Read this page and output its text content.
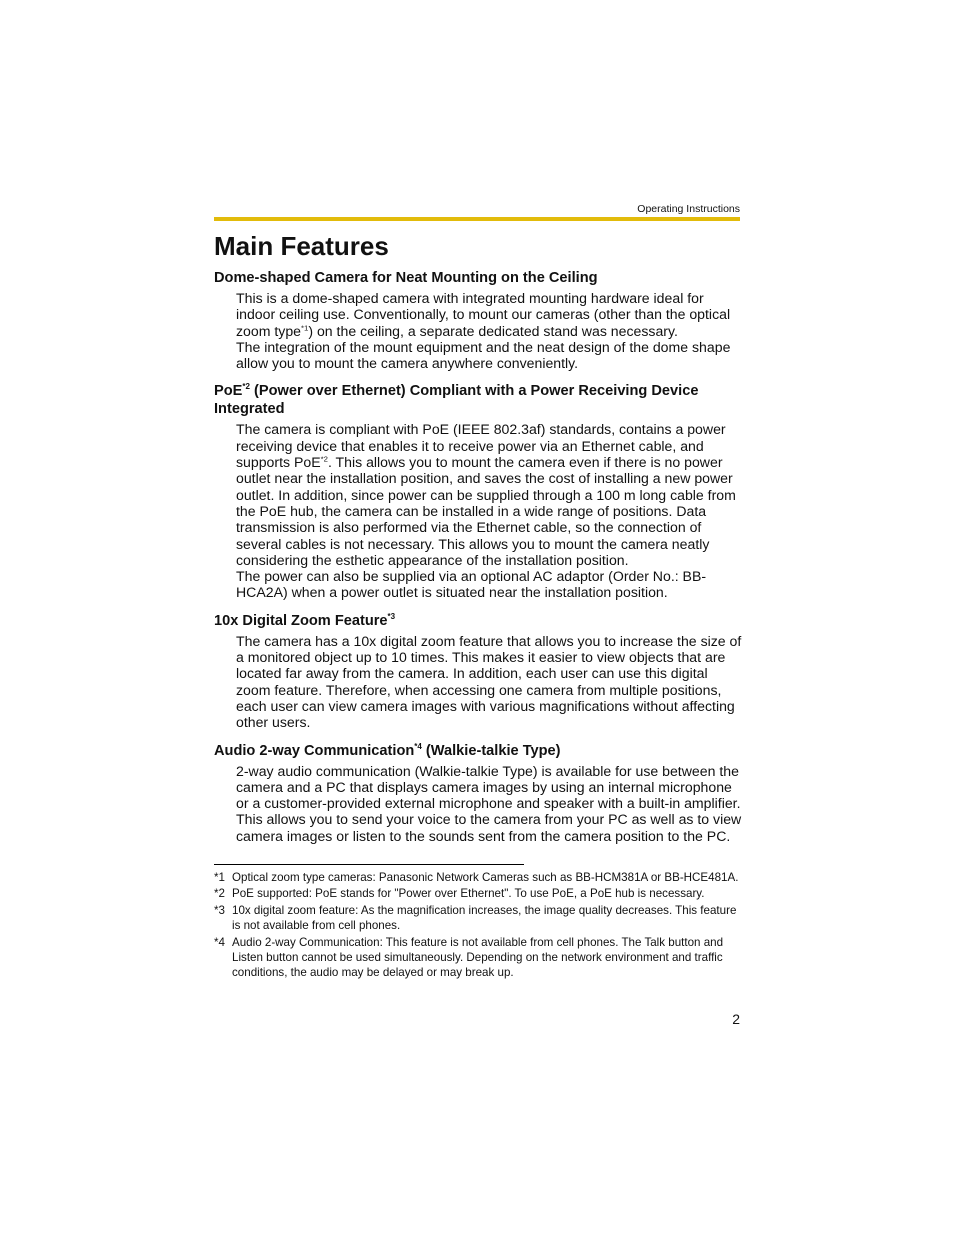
Operating Instructions
Main Features
Dome-shaped Camera for Neat Mounting on the Ceiling

This is a dome-shaped camera with integrated mounting hardware ideal for indoor ceiling use. Conventionally, to mount our cameras (other than the optical zoom type$^{*1}$) on the ceiling, a separate dedicated stand was necessary.

The integration of the mount equipment and the neat design of the dome shape allow you to mount the camera anywhere conveniently.

PoE$^{*2}$ (Power over Ethernet) Compliant with a Power Receiving Device Integrated

The camera is compliant with PoE (IEEE 802.3af) standards, contains a power receiving device that enables it to receive power via an Ethernet cable, and supports PoE$^{*2}$. This allows you to mount the camera even if there is no power outlet near the installation position, and saves the cost of installing a new power outlet. In addition, since power can be supplied through a 100 m long cable from the PoE hub, the camera can be installed in a wide range of positions. Data transmission is also performed via the Ethernet cable, so the connection of several cables is not necessary. This allows you to mount the camera neatly considering the esthetic appearance of the installation position.

The power can also be supplied via an optional AC adaptor (Order No.: BB-HCA2A) when a power outlet is situated near the installation position.

10x Digital Zoom Feature$^{*3}$

The camera has a 10x digital zoom feature that allows you to increase the size of a monitored object up to 10 times. This makes it easier to view objects that are located far away from the camera. In addition, each user can use this digital zoom feature. Therefore, when accessing one camera from multiple positions, each user can view camera images with various magnifications without affecting other users.

Audio 2-way Communication$^{*4}$ (Walkie-talkie Type)

2-way audio communication (Walkie-talkie Type) is available for use between the camera and a PC that displays camera images by using an internal microphone or a customer-provided external microphone and speaker with a built-in amplifier. This allows you to send your voice to the camera from your PC as well as to view camera images or listen to the sounds sent from the camera position to the PC.

*1 Optical zoom type cameras: Panasonic Network Cameras such as BB-HCM381A or BB-HCE481A.
*2 PoE supported: PoE stands for "Power over Ethernet". To use PoE, a PoE hub is necessary.
*3 10x digital zoom feature: As the magnification increases, the image quality decreases. This feature is not available from cell phones.
*4 Audio 2-way Communication: This feature is not available from cell phones. The Talk button and Listen button cannot be used simultaneously. Depending on the network environment and traffic conditions, the audio may be delayed or may break up.
2
